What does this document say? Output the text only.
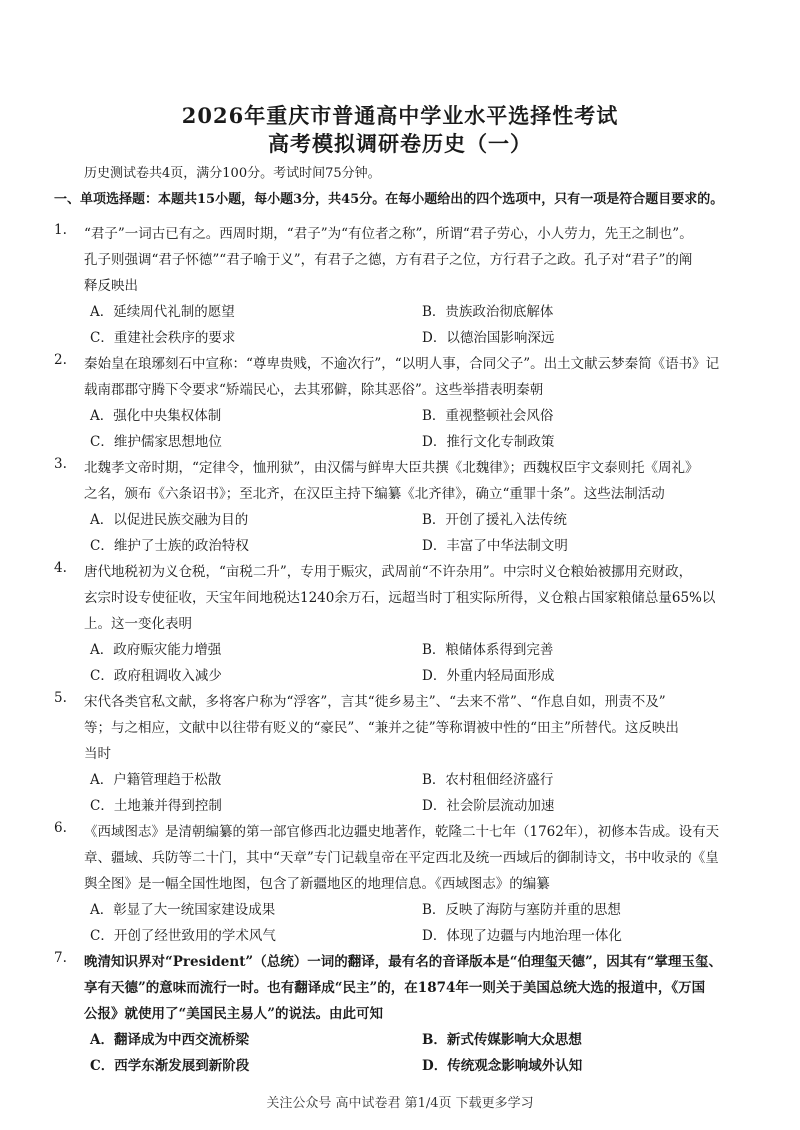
2026年重庆市普通高中学业水平选择性考试
高考模拟调研卷历史（一）
历史测试卷共4页，满分100分。考试时间75分钟。
一、单项选择题：本题共15小题，每小题3分，共45分。在每小题给出的四个选项中，只有一项是符合题目要求的。
1. “君子”一词古已有之。西周时期，“君子”为“有位者之称”，所谓“君子劳心，小人劳力，先王之制也”。
孔子则强调“君子怀德”“君子喻于义”，有君子之德，方有君子之位，方行君子之政。孔子对“君子”的阐
释反映出
A．延续周代礼制的愿望	B．贵族政治彻底解体
C．重建社会秩序的要求	D．以德治国影响深远
2. 秦始皇在琅琊刻石中宣称：“尊卑贵贱，不逾次行”，“以明人事，合同父子”。出土文献云梦秦简《语书》记
载南郡郡守腾下令要求“矫端民心，去其邪僻，除其恶俗”。这些举措表明秦朝
A．强化中央集权体制	B．重视整顿社会风俗
C．维护儒家思想地位	D．推行文化专制政策
3. 北魏孝文帝时期，“定律令，恤刑狱”，由汉儒与鲜卑大臣共撰《北魏律》；西魏权臣宇文泰则托《周礼》
之名，颁布《六条诏书》；至北齐，在汉臣主持下编纂《北齐律》，确立“重罪十条”。这些法制活动
A．以促进民族交融为目的	B．开创了援礼入法传统
C．维护了士族的政治特权	D．丰富了中华法制文明
4. 唐代地税初为义仓税，“亩税二升”，专用于赈灾，武周前“不许杂用”。中宗时义仓粮始被挪用充财政，
玄宗时设专使征收，天宝年间地税达1240余万石，远超当时丁租实际所得，义仓粮占国家粮储总量65%以
上。这一变化表明
A．政府赈灾能力增强	B．粮储体系得到完善
C．政府租调收入减少	D．外重内轻局面形成
5. 宋代各类官私文献，多将客户称为“浮客”，言其“徙乡易主”、“去来不常”、“作息自如，刑责不及”
等；与之相应，文献中以往带有贬义的“豪民”、“兼并之徒”等称谓被中性的“田主”所替代。这反映出
当时
A．户籍管理趋于松散	B．农村租佃经济盛行
C．土地兼并得到控制	D．社会阶层流动加速
6. 《西域图志》是清朝编纂的第一部官修西北边疆史地著作，乾隆二十七年（1762年），初修本告成。设有天
章、疆域、兵防等二十门，其中“天章”专门记载皇帝在平定西北及统一西域后的御制诗文，书中收录的《皇
舆全图》是一幅全国性地图，包含了新疆地区的地理信息。《西域图志》的编纂
A．彰显了大一统国家建设成果	B．反映了海防与塞防并重的思想
C．开创了经世致用的学术风气	D．体现了边疆与内地治理一体化
7. 晚清知识界对“President”（总统）一词的翻译，最有名的音译版本是“伯理玺天德”，因其有“掌理玉玺、
享有天德”的意味而流行一时。也有翻译成“民主”的，在1874年一则关于美国总统大选的报道中，《万国
公报》就使用了“美国民主易人”的说法。由此可知
A．翻译成为中西交流桥梁	B．新式传媒影响大众思想
C．西学东渐发展到新阶段	D．传统观念影响域外认知
关注公众号 高中试卷君 第1/4页 下载更多学习
